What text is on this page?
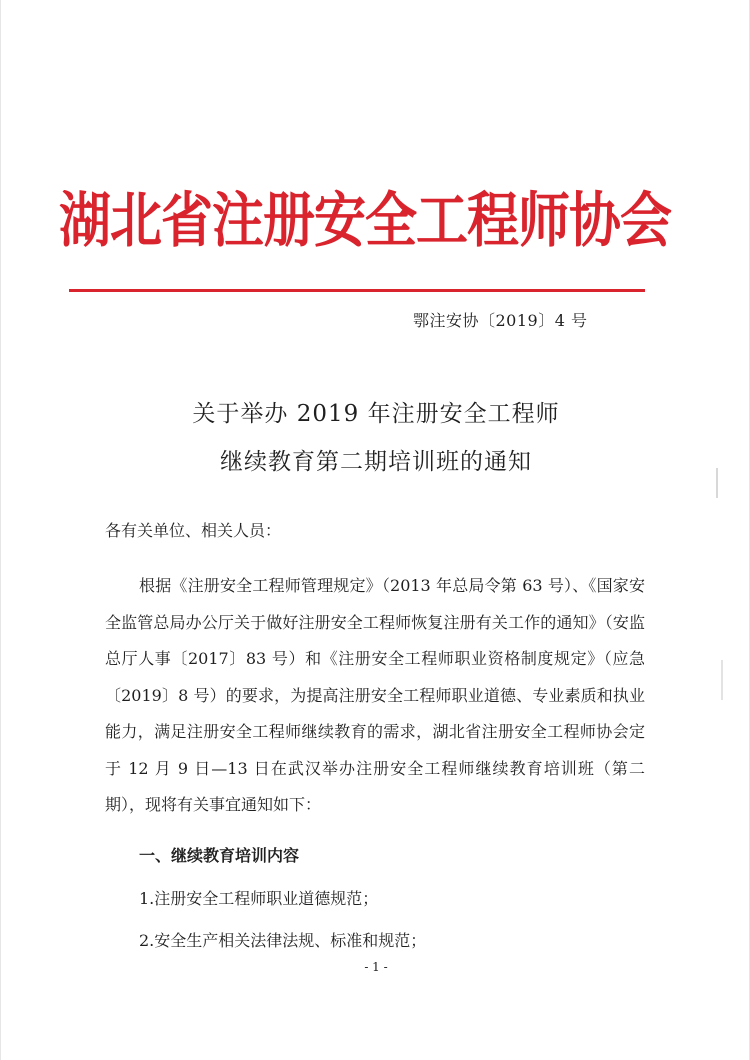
湖北省注册安全工程师协会
鄂注安协〔2019〕4 号
关于举办 2019 年注册安全工程师
继续教育第二期培训班的通知
各有关单位、相关人员：

根据《注册安全工程师管理规定》（2013 年总局令第 63 号）、《国家安全监管总局办公厅关于做好注册安全工程师恢复注册有关工作的通知》（安监总厅人事〔2017〕83 号）和《注册安全工程师职业资格制度规定》（应急〔2019〕8 号）的要求，为提高注册安全工程师职业道德、专业素质和执业能力，满足注册安全工程师继续教育的需求，湖北省注册安全工程师协会定于 12 月 9 日—13 日在武汉举办注册安全工程师继续教育培训班（第二期），现将有关事宜通知如下：

一、继续教育培训内容
1.注册安全工程师职业道德规范；
2.安全生产相关法律法规、标准和规范；
- 1 -
